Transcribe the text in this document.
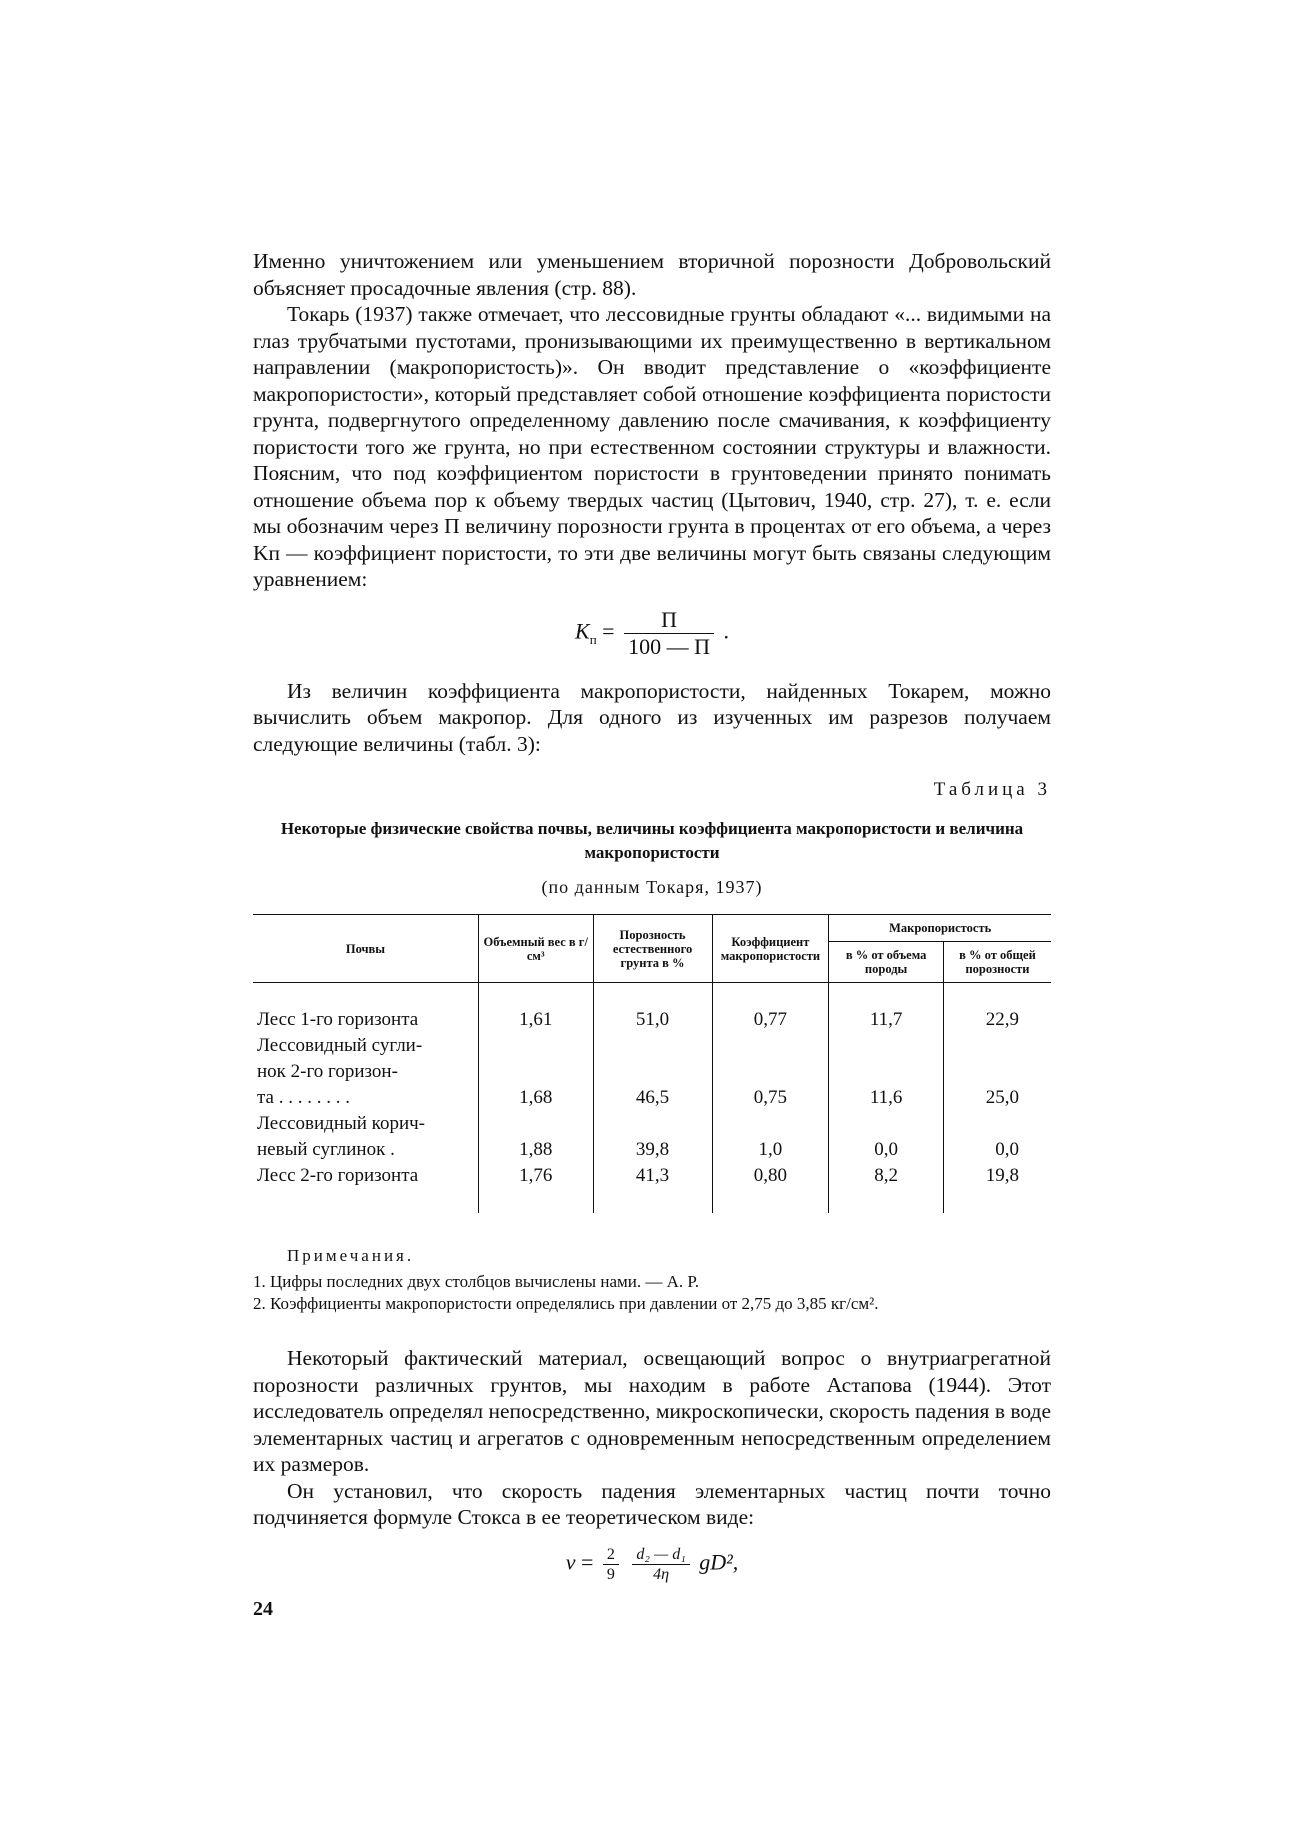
Именно уничтожением или уменьшением вторичной порозности Добровольский объясняет просадочные явления (стр. 88).

Токарь (1937) также отмечает, что лессовидные грунты обладают «... видимыми на глаз трубчатыми пустотами, пронизывающими их преимущественно в вертикальном направлении (макропористость)». Он вводит представление о «коэффициенте макропористости», который представляет собой отношение коэффициента пористости грунта, подвергнутого определенному давлению после смачивания, к коэффициенту пористости того же грунта, но при естественном состоянии структуры и влажности. Поясним, что под коэффициентом пористости в грунтоведении принято понимать отношение объема пор к объему твердых частиц (Цытович, 1940, стр. 27), т. е. если мы обозначим через П величину порозности грунта в процентах от его объема, а через Kп — коэффициент пористости, то эти две величины могут быть связаны следующим уравнением:

$K_п = \frac{П}{100 — П}$ .

Из величин коэффициента макропористости, найденных Токарем, можно вычислить объем макропор. Для одного из изученных им разрезов получаем следующие величины (табл. 3):

Таблица 3

Некоторые физические свойства почвы, величины коэффициента макропористости и величина макропористости

(по данным Токаря, 1937)
Почвы	Объемный вес в г/см³	Порозность естественного грунта в %	Коэффициент макропористости	Макропористость	
				в % от объема породы	в % от общей порозности

Лесс 1-го горизонта	1,61	51,0	0,77	11,7	22,9

Лессовидный сугли-
нок 2-го горизон-
та . . . . . . . .	1,68	46,5	0,75	11,6	25,0

Лессовидный корич-
невый суглинок .	1,88	39,8	1,0	0,0	0,0
Лесс 2-го горизонта	1,76	41,3	0,80	8,2	19,8

Примечания.
1. Цифры последних двух столбцов вычислены нами. — А. Р.
2. Коэффициенты макропористости определялись при давлении от 2,75 до 3,85 кг/см².

Некоторый фактический материал, освещающий вопрос о внутриагрегатной порозности различных грунтов, мы находим в работе Астапова (1944). Этот исследователь определял непосредственно, микроскопически, скорость падения в воде элементарных частиц и агрегатов с одновременным непосредственным определением их размеров.

Он установил, что скорость падения элементарных частиц почти точно подчиняется формуле Стокса в ее теоретическом виде:

$v = \frac{2}{9}$
$\frac{\text{d₂ — d₁}}{4\eta} gD^2$,
24
